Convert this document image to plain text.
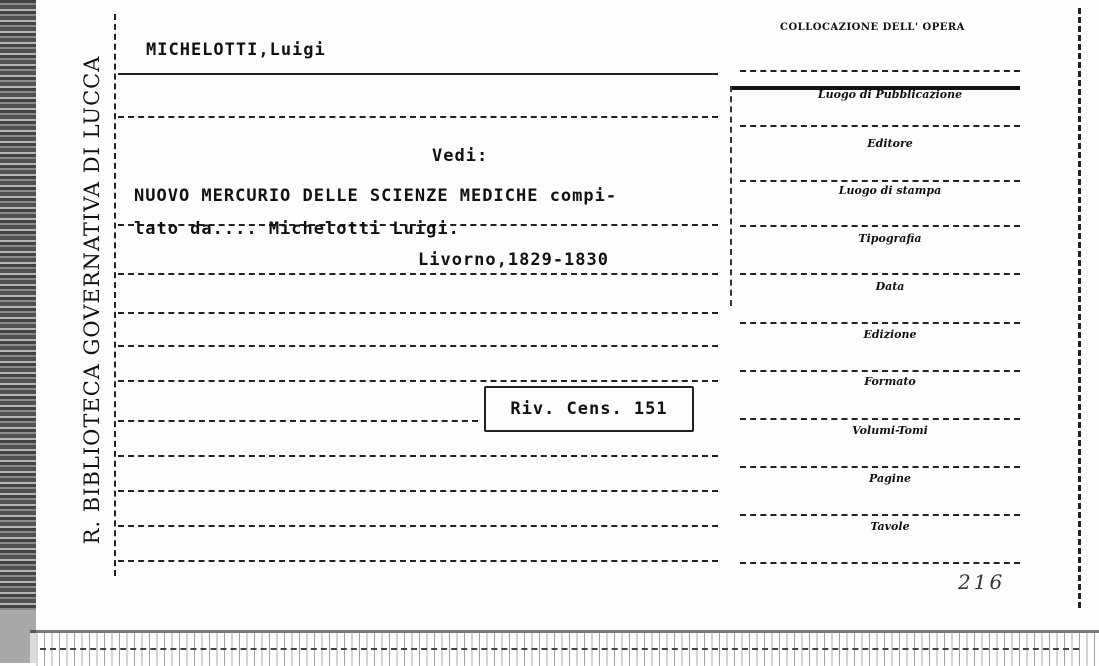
R. BIBLIOTECA GOVERNATIVA DI LUCCA
MICHELOTTI,Luigi
Vedi:
NUOVO MERCURIO DELLE SCIENZE MEDICHE compi-
lato da.... Michelotti Luigi.
Livorno,1829-1830
Riv. Cens. 151
COLLOCAZIONE DELL' OPERA
Luogo di Pubblicazione
Editore
Luogo di stampa
Tipografia
Data
Edizione
Formato
Volumi-Tomi
Pagine
Tavole
216
